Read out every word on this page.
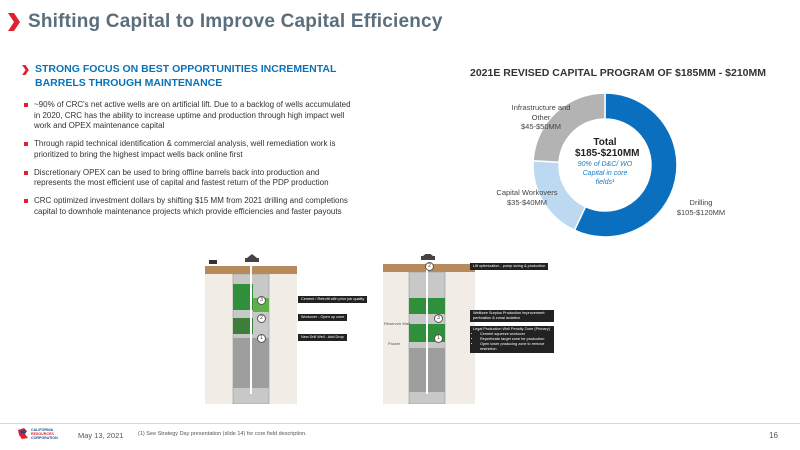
Shifting Capital to Improve Capital Efficiency
STRONG FOCUS ON BEST OPPORTUNITIES INCREMENTAL BARRELS THROUGH MAINTENANCE
~90% of CRC's net active wells are on artificial lift. Due to a backlog of wells accumulated in 2020, CRC has the ability to increase uptime and production through high impact well work and OPEX maintenance capital
Through rapid technical identification & commercial analysis, well remediation work is prioritized to bring the highest impact wells back online first
Discretionary OPEX can be used to bring offline barrels back into production and represents the most efficient use of capital and fastest return of the PDP production
CRC optimized investment dollars by shifting $15 MM from 2021 drilling and completions capital to downhole maintenance projects which provide efficiencies and faster payouts
2021E REVISED CAPITAL PROGRAM OF $185MM - $210MM
Total
$185-$210MM
90% of D&C/ WO Capital in core fields¹
Infrastructure and Other
$45-$50MM
Capital Workovers
$35-$40MM	Drilling
$105-$120MM
3
2
1
Cement / Retrofit with prior job quality
Workover - Open up zone
New Drill Well - Add Drop
Reservoir Wall
Packer
2
3
1
Lift optimization - pump sizing & production
Wellbore Surplus Production Improvement: perforation & zonal isolation
Legal Production Well Penalty Zone (Primary)
• Cement squeeze workover
• Reperforate target zone for production
• Open lower producing zone to remove restriction
CALIFORNIA
RESOURCES
CORPORATION	May 13, 2021	(1) See Strategy Day presentation (slide 14) for core field description.	16
